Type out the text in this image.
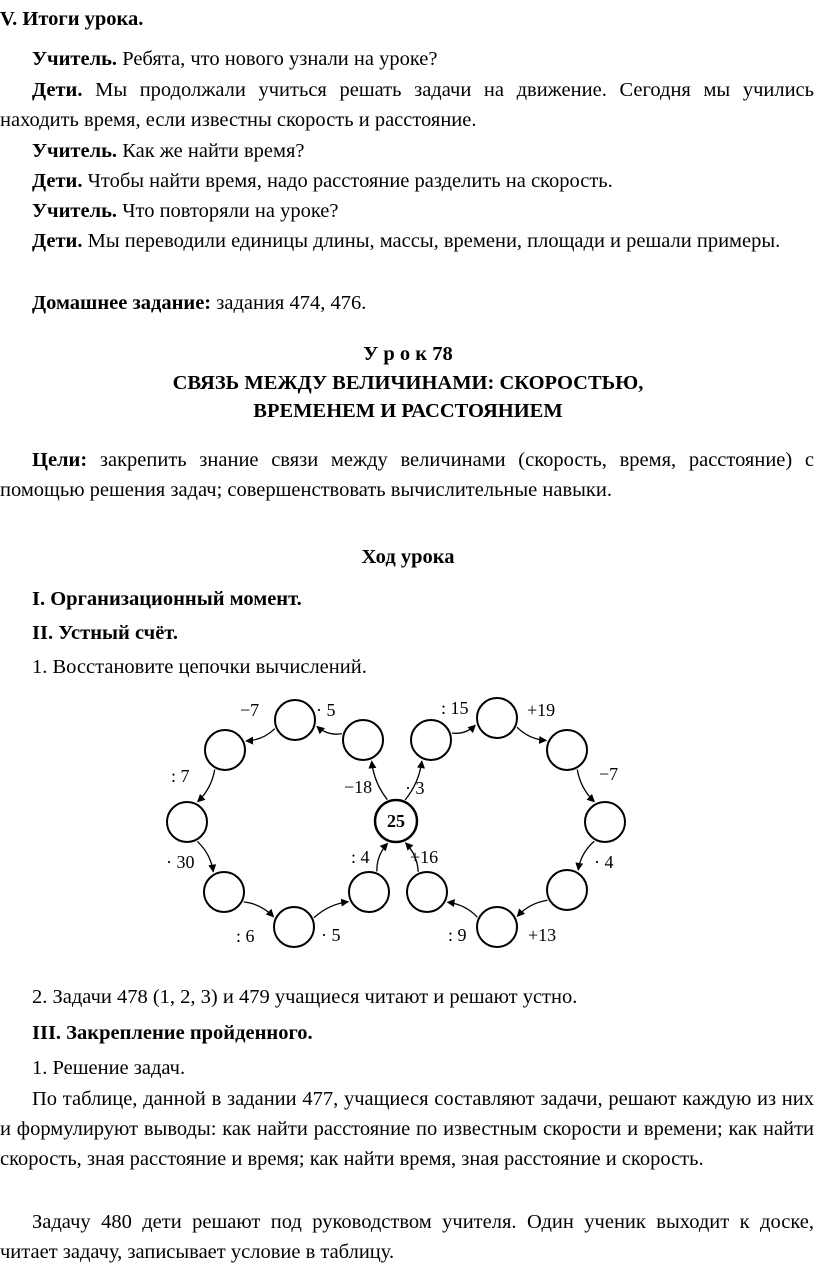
V. Итоги урока.
Учитель. Ребята, что нового узнали на уроке?
Дети. Мы продолжали учиться решать задачи на движение. Сегодня мы учились находить время, если известны скорость и расстояние.
Учитель. Как же найти время?
Дети. Чтобы найти время, надо расстояние разделить на скорость.
Учитель. Что повторяли на уроке?
Дети. Мы переводили единицы длины, массы, времени, площади и решали примеры.
Домашнее задание: задания 474, 476.
У р о к 78
СВЯЗЬ МЕЖДУ ВЕЛИЧИНАМИ: СКОРОСТЬЮ,
ВРЕМЕНЕМ И РАССТОЯНИЕМ
Цели: закрепить знание связи между величинами (скорость, время, расстояние) с помощью решения задач; совершенствовать вычислительные навыки.
Ход урока
I. Организационный момент.
II. Устный счёт.
1. Восстановите цепочки вычислений.
−18
· 5
−7
: 7
· 30
: 6	· 5
: 4
· 3
: 15	+19
−7
· 4
+13
: 9
+16
25
2. Задачи 478 (1, 2, 3) и 479 учащиеся читают и решают устно.
III. Закрепление пройденного.
1. Решение задач.
По таблице, данной в задании 477, учащиеся составляют задачи, решают каждую из них и формулируют выводы: как найти расстояние по известным скорости и времени; как найти скорость, зная расстояние и время; как найти время, зная расстояние и скорость.
Задачу 480 дети решают под руководством учителя. Один ученик выходит к доске, читает задачу, записывает условие в таблицу.
